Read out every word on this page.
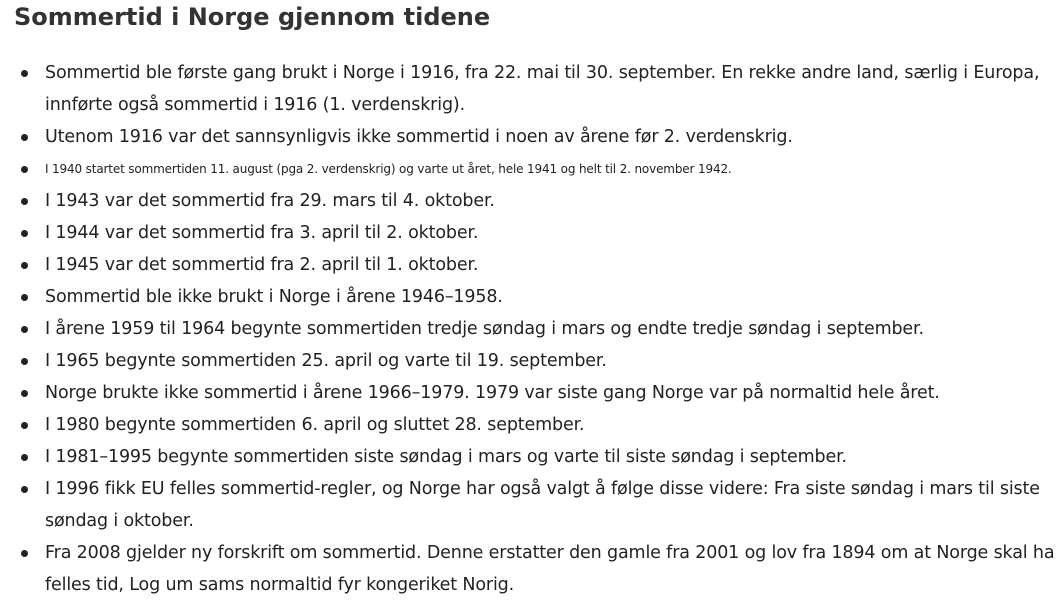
Sommertid i Norge gjennom tidene
Sommertid ble første gang brukt i Norge i 1916, fra 22. mai til 30. september. En rekke andre land, særlig i Europa, innførte også sommertid i 1916 (1. verdenskrig).
Utenom 1916 var det sannsynligvis ikke sommertid i noen av årene før 2. verdenskrig.
I 1940 startet sommertiden 11. august (pga 2. verdenskrig) og varte ut året, hele 1941 og helt til 2. november 1942.
I 1943 var det sommertid fra 29. mars til 4. oktober.
I 1944 var det sommertid fra 3. april til 2. oktober.
I 1945 var det sommertid fra 2. april til 1. oktober.
Sommertid ble ikke brukt i Norge i årene 1946–1958.
I årene 1959 til 1964 begynte sommertiden tredje søndag i mars og endte tredje søndag i september.
I 1965 begynte sommertiden 25. april og varte til 19. september.
Norge brukte ikke sommertid i årene 1966–1979. 1979 var siste gang Norge var på normaltid hele året.
I 1980 begynte sommertiden 6. april og sluttet 28. september.
I 1981–1995 begynte sommertiden siste søndag i mars og varte til siste søndag i september.
I 1996 fikk EU felles sommertid-regler, og Norge har også valgt å følge disse videre: Fra siste søndag i mars til siste søndag i oktober.
Fra 2008 gjelder ny forskrift om sommertid. Denne erstatter den gamle fra 2001 og lov fra 1894 om at Norge skal ha felles tid, Log um sams normaltid fyr kongeriket Norig.
